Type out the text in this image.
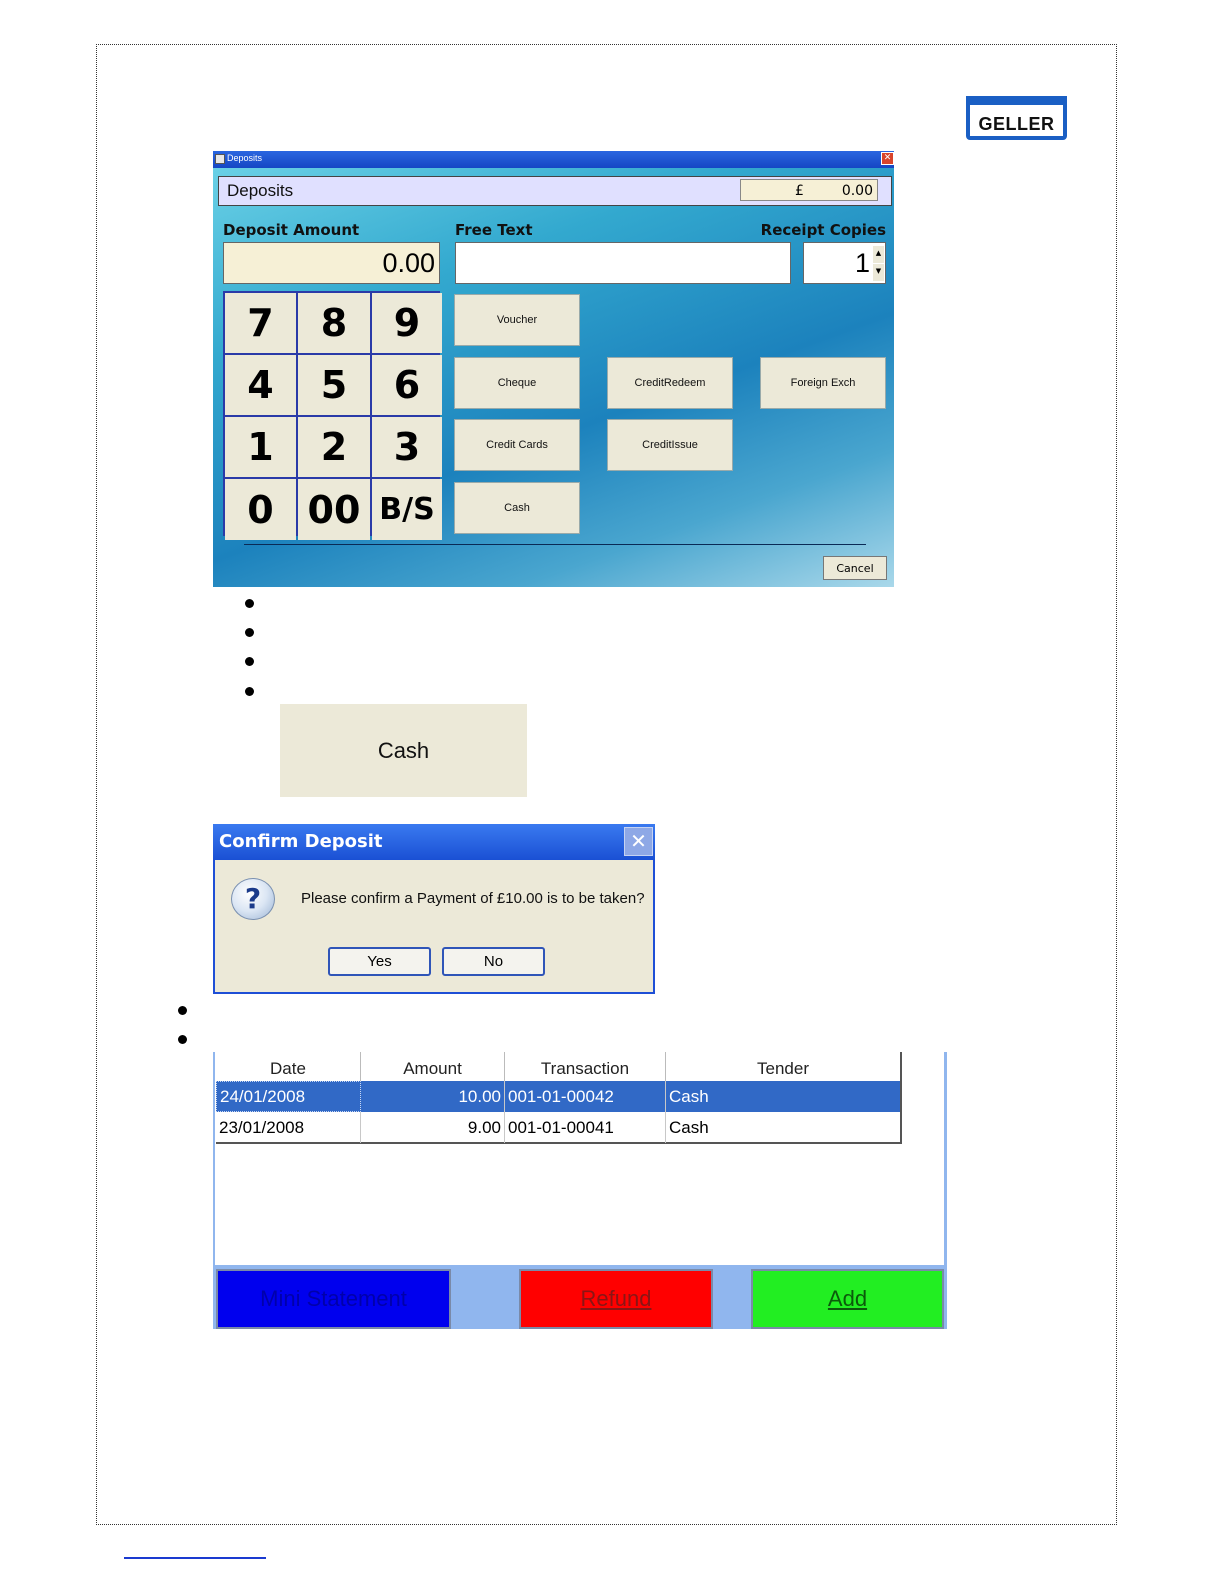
GELLER
Deposits	✕
Deposits	£	0.00
Deposit Amount	Free Text	Receipt Copies
0.00	1 ▲
▼
7	8	9
4	5	6
1	2	3
0 00 B/S
Voucher
Cheque	CreditRedeem	Foreign Exch
Credit Cards	CreditIssue
Cash
Cancel
Cash
Confirm Deposit	✕
?	Please confirm a Payment of £10.00 is to be taken?
Yes	No
Date	Amount	Transaction	Tender
24/01/2008	10.00 001-01-00042	Cash
23/01/2008	9.00 001-01-00041	Cash
Mini Statement	Refund	Add
